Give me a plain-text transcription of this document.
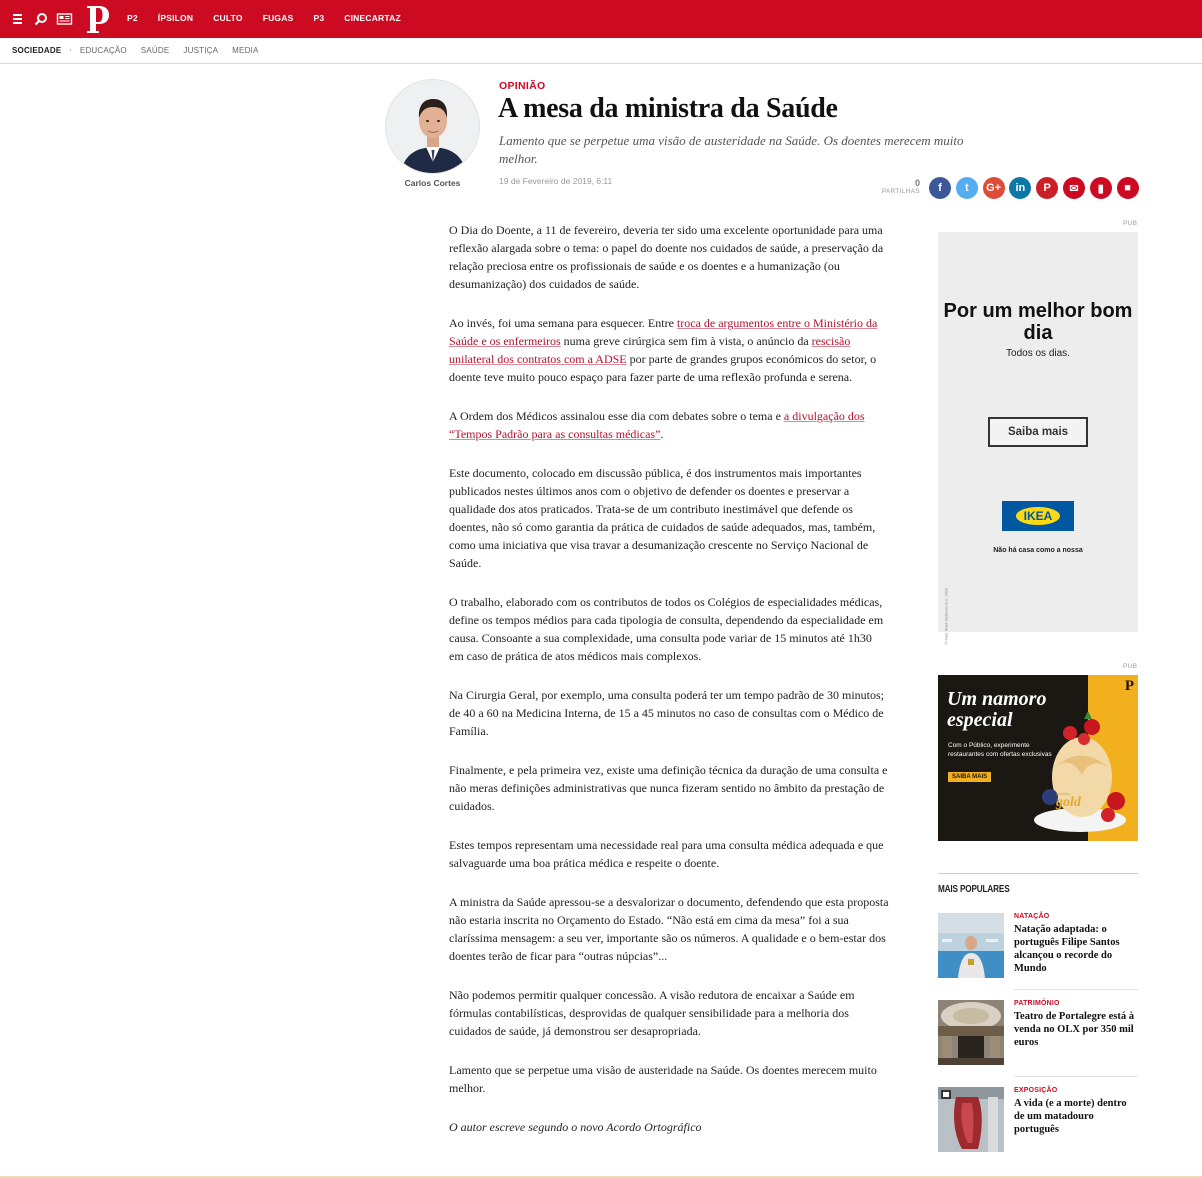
P2 ÍPSILON CULTO FUGAS P3 CINECARTAZ
SOCIEDADE › EDUCAÇÃO SAÚDE JUSTIÇA MEDIA
Carlos Cortes
OPINIÃO
A mesa da ministra da Saúde

Lamento que se perpetue uma visão de austeridade na Saúde. Os doentes merecem muito melhor.

19 de Fevereiro de 2019, 6:11	0
PARTILHAS	f	t	G+	in	P	✉	▮	■

O Dia do Doente, a 11 de fevereiro, deveria ter sido uma excelente oportunidade para uma reflexão alargada sobre o tema: o papel do doente nos cuidados de saúde, a preservação da relação preciosa entre os profissionais de saúde e os doentes e a humanização (ou desumanização) dos cuidados de saúde.

Ao invés, foi uma semana para esquecer. Entre troca de argumentos entre o Ministério da Saúde e os enfermeiros numa greve cirúrgica sem fim à vista, o anúncio da rescisão unilateral dos contratos com a ADSE por parte de grandes grupos económicos do setor, o doente teve muito pouco espaço para fazer parte de uma reflexão profunda e serena.

A Ordem dos Médicos assinalou esse dia com debates sobre o tema e a divulgação dos “Tempos Padrão para as consultas médicas”.

Este documento, colocado em discussão pública, é dos instrumentos mais importantes publicados nestes últimos anos com o objetivo de defender os doentes e preservar a qualidade dos atos praticados. Trata-se de um contributo inestimável que defende os doentes, não só como garantia da prática de cuidados de saúde adequados, mas, também, como uma iniciativa que visa travar a desumanização crescente no Serviço Nacional de Saúde.

O trabalho, elaborado com os contributos de todos os Colégios de especialidades médicas, define os tempos médios para cada tipologia de consulta, dependendo da especialidade em causa. Consoante a sua complexidade, uma consulta pode variar de 15 minutos até 1h30 em caso de prática de atos médicos mais complexos.

Na Cirurgia Geral, por exemplo, uma consulta poderá ter um tempo padrão de 30 minutos; de 40 a 60 na Medicina Interna, de 15 a 45 minutos no caso de consultas com o Médico de Família.

Finalmente, e pela primeira vez, existe uma definição técnica da duração de uma consulta e não meras definições administrativas que nunca fizeram sentido no âmbito da prestação de cuidados.

Estes tempos representam uma necessidade real para uma consulta médica adequada e que salvaguarde uma boa prática médica e respeite o doente.

A ministra da Saúde apressou-se a desvalorizar o documento, defendendo que esta proposta não estaria inscrita no Orçamento do Estado. “Não está em cima da mesa” foi a sua claríssima mensagem: a seu ver, importante são os números. A qualidade e o bem-estar dos doentes terão de ficar para “outras núpcias”...

Não podemos permitir qualquer concessão. A visão redutora de encaixar a Saúde em fórmulas contabilísticas, desprovidas de qualquer sensibilidade para a melhoria dos cuidados de saúde, já demonstrou ser desapropriada.

Lamento que se perpetue uma visão de austeridade na Saúde. Os doentes merecem muito melhor.

O autor escreve segundo o novo Acordo Ortográfico

PUB
Por um melhor bom dia
Todos os dias.
Saiba mais
IKEA
Não há casa como a nossa
© Inter IKEA Systems B.V. 2019
PUB
Um namoro especial
Com o Público, experimente restaurantes com ofertas exclusivas
SAIBA MAIS
P
correios
gold
MAIS POPULARES
NATAÇÃO
Natação adaptada: o português Filipe Santos alcançou o recorde do Mundo
PATRIMÓNIO
Teatro de Portalegre está à venda no OLX por 350 mil euros
EXPOSIÇÃO
A vida (e a morte) dentro de um matadouro português
